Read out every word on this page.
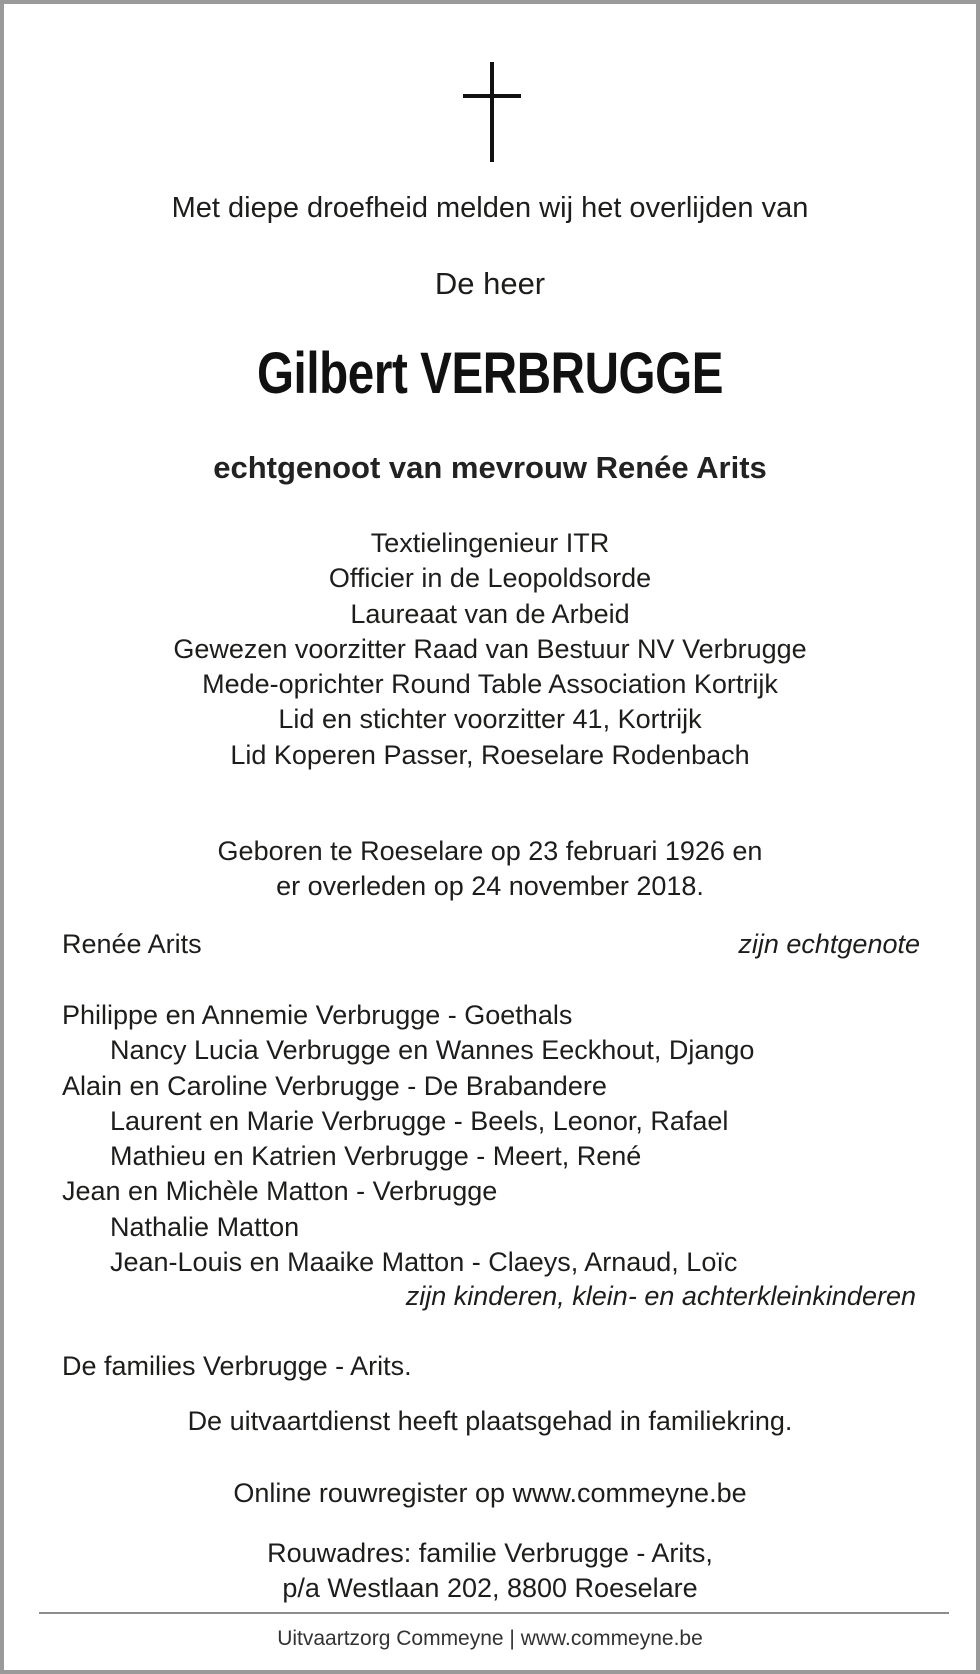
Met diepe droefheid melden wij het overlijden van
De heer
Gilbert VERBRUGGE
echtgenoot van mevrouw Renée Arits
Textielingenieur ITR
Officier in de Leopoldsorde
Laureaat van de Arbeid
Gewezen voorzitter Raad van Bestuur NV Verbrugge
Mede-oprichter Round Table Association Kortrijk
Lid en stichter voorzitter 41, Kortrijk
Lid Koperen Passer, Roeselare Rodenbach
Geboren te Roeselare op 23 februari 1926 en
er overleden op 24 november 2018.
Renée Arits	zijn echtgenote
Philippe en Annemie Verbrugge - Goethals
Nancy Lucia Verbrugge en Wannes Eeckhout, Django
Alain en Caroline Verbrugge - De Brabandere
Laurent en Marie Verbrugge - Beels, Leonor, Rafael
Mathieu en Katrien Verbrugge - Meert, René
Jean en Michèle Matton - Verbrugge
Nathalie Matton
Jean-Louis en Maaike Matton - Claeys, Arnaud, Loïc
zijn kinderen, klein- en achterkleinkinderen
De families Verbrugge - Arits.
De uitvaartdienst heeft plaatsgehad in familiekring.
Online rouwregister op www.commeyne.be
Rouwadres: familie Verbrugge - Arits,
p/a Westlaan 202, 8800 Roeselare
Uitvaartzorg Commeyne | www.commeyne.be
